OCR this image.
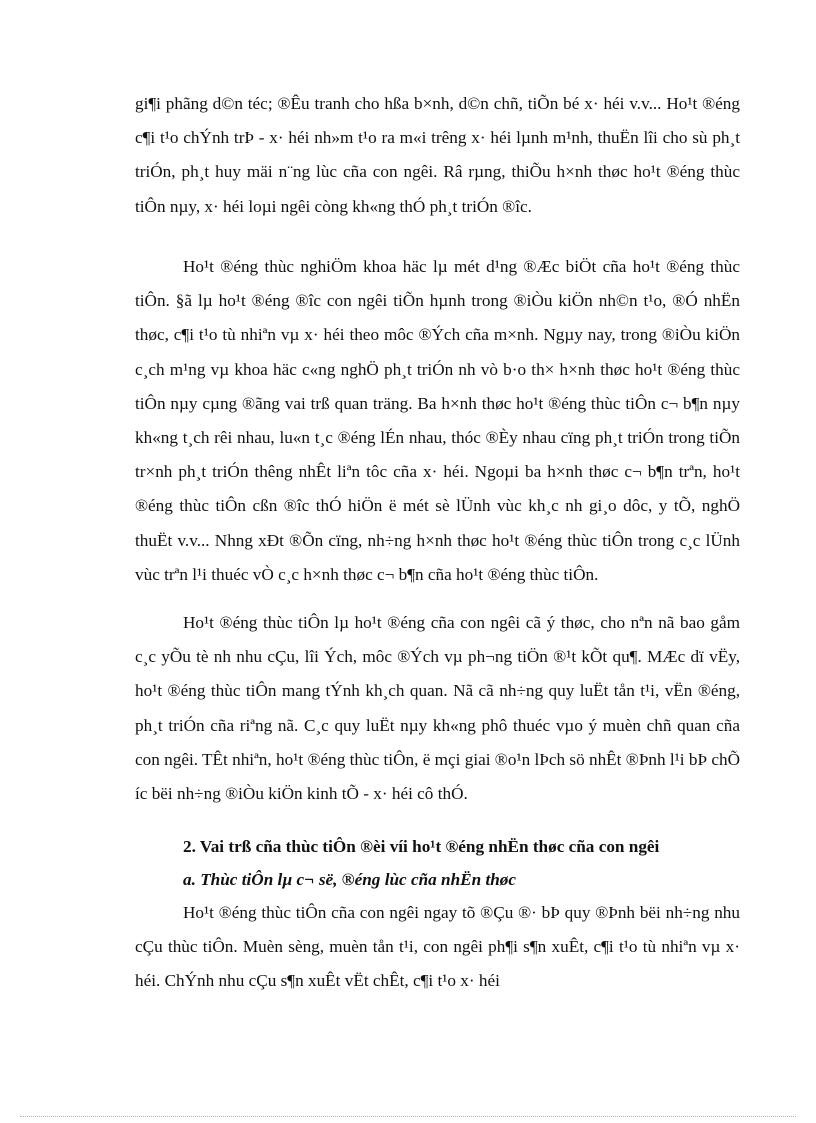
gi¶i phãng d©n téc; ®Êu tranh cho hßa b×nh, d©n chñ, tiÕn bé x· héi v.v... Ho¹t ®éng c¶i t¹o chÝnh trÞ - x· héi nh»m t¹o ra m«i trêng x· héi lµnh m¹nh, thuËn lîi cho sù ph¸t triÓn, ph¸t huy mäi n¨ng lùc cña con ngêi. Râ rµng, thiÕu h×nh thøc ho¹t ®éng thùc tiÔn nµy, x· héi loµi ngêi còng kh«ng thÓ ph¸t triÓn ®îc.

Ho¹t ®éng thùc nghiÖm khoa häc lµ mét d¹ng ®Æc biÖt cña ho¹t ®éng thùc tiÔn. §ã lµ ho¹t ®éng ®îc con ngêi tiÕn hµnh trong ®iÒu kiÖn nh©n t¹o, ®Ó nhËn thøc, c¶i t¹o tù nhiªn vµ x· héi theo môc ®Ých cña m×nh. Ngµy nay, trong ®iÒu kiÖn c¸ch m¹ng vµ khoa häc c«ng nghÖ ph¸t triÓn nh vò b·o th× h×nh thøc ho¹t ®éng thùc tiÔn nµy cµng ®ãng vai trß quan träng. Ba h×nh thøc ho¹t ®éng thùc tiÔn c¬ b¶n nµy kh«ng t¸ch rêi nhau, lu«n t¸c ®éng lÉn nhau, thóc ®Èy nhau cïng ph¸t triÓn trong tiÕn tr×nh ph¸t triÓn thêng nhÊt liªn tôc cña x· héi. Ngoµi ba h×nh thøc c¬ b¶n trªn, ho¹t ®éng thùc tiÔn cßn ®îc thÓ hiÖn ë mét sè lÜnh vùc kh¸c nh gi¸o dôc, y tÕ, nghÖ thuËt v.v... Nhng xÐt ®Õn cïng, nh÷ng h×nh thøc ho¹t ®éng thùc tiÔn trong c¸c lÜnh vùc trªn l¹i thuéc vÒ c¸c h×nh thøc c¬ b¶n cña ho¹t ®éng thùc tiÔn.

Ho¹t ®éng thùc tiÔn lµ ho¹t ®éng cña con ngêi cã ý thøc, cho nªn nã bao gåm c¸c yÕu tè nh nhu cÇu, lîi Ých, môc ®Ých vµ ph¬ng tiÖn ®¹t kÕt qu¶. MÆc dï vËy, ho¹t ®éng thùc tiÔn mang tÝnh kh¸ch quan. Nã cã nh÷ng quy luËt tån t¹i, vËn ®éng, ph¸t triÓn cña riªng nã. C¸c quy luËt nµy kh«ng phô thuéc vµo ý muèn chñ quan cña con ngêi. TÊt nhiªn, ho¹t ®éng thùc tiÔn, ë mçi giai ®o¹n lÞch sö nhÊt ®Þnh l¹i bÞ chÕ íc bëi nh÷ng ®iÒu kiÖn kinh tÕ - x· héi cô thÓ.

2. Vai trß cña thùc tiÔn ®èi víi ho¹t ®éng nhËn thøc cña con ngêi

a. Thùc tiÔn lµ c¬ së, ®éng lùc cña nhËn thøc

Ho¹t ®éng thùc tiÔn cña con ngêi ngay tõ ®Çu ®· bÞ quy ®Þnh bëi nh÷ng nhu cÇu thùc tiÔn. Muèn sèng, muèn tån t¹i, con ngêi ph¶i s¶n xuÊt, c¶i t¹o tù nhiªn vµ x· héi. ChÝnh nhu cÇu s¶n xuÊt vËt chÊt, c¶i t¹o x· héi
